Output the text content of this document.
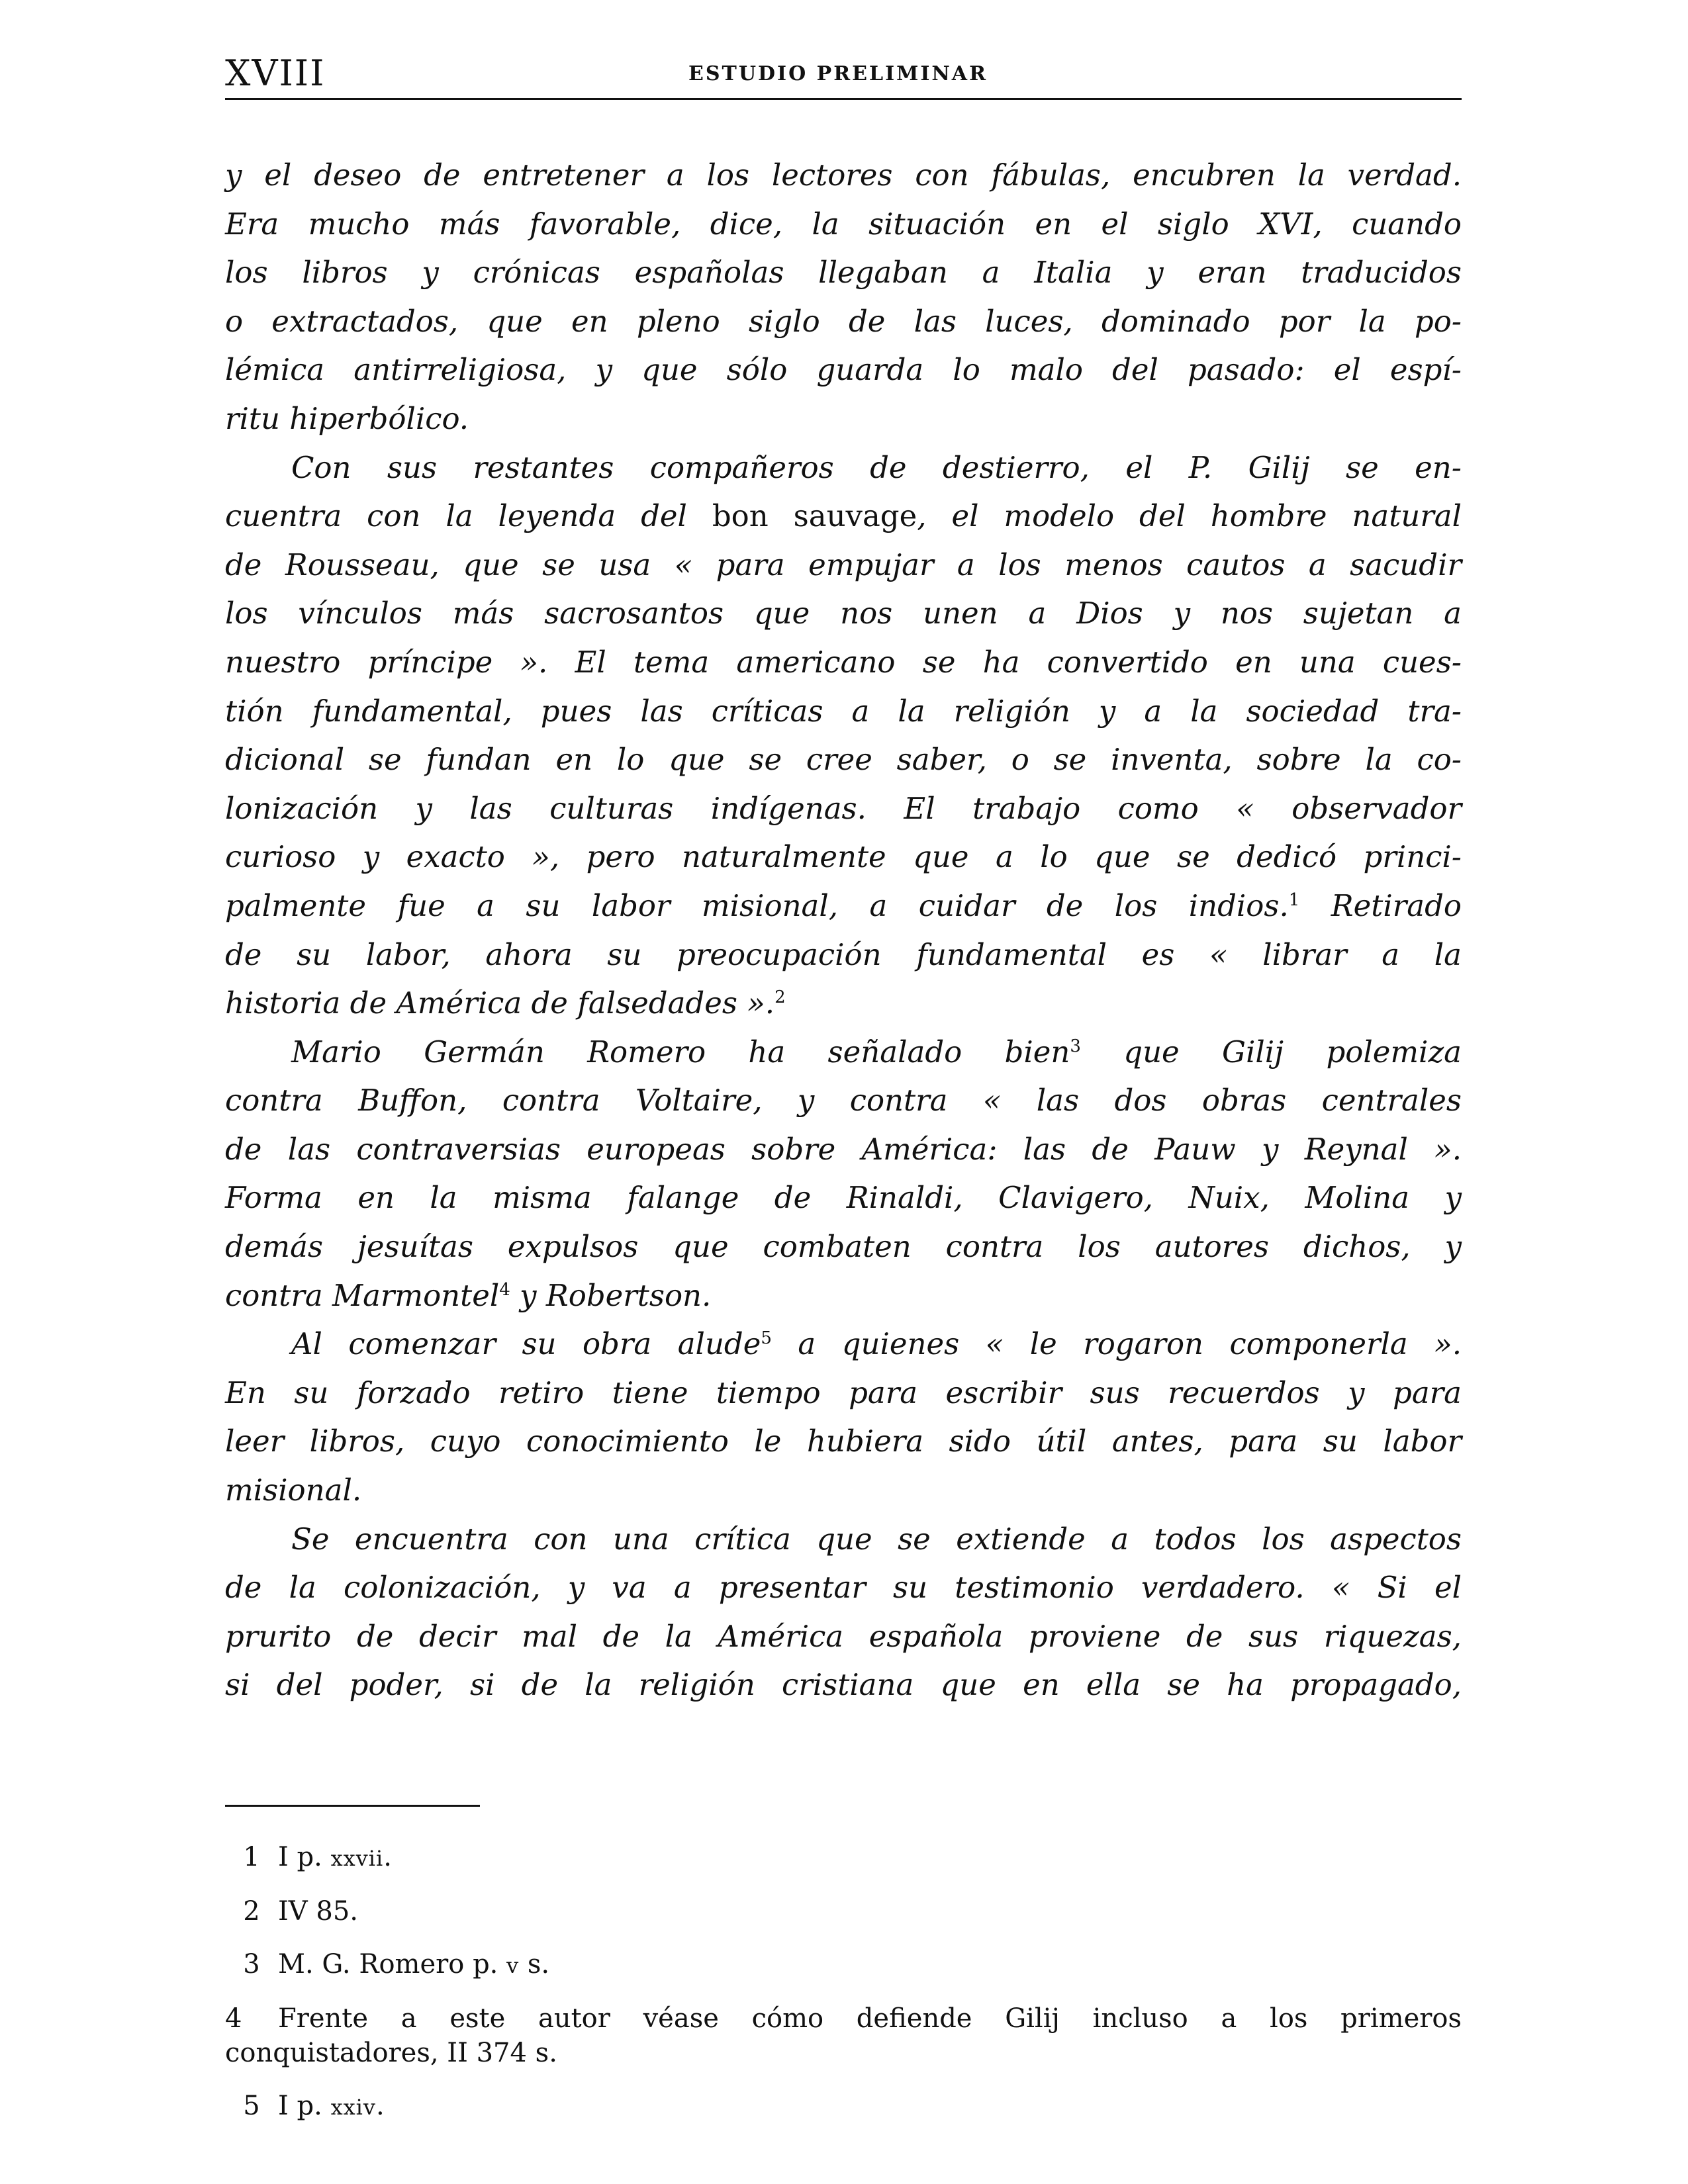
XVIII	ESTUDIO PRELIMINAR
y el deseo de entretener a los lectores con fábulas, encubren la verdad.
Era mucho más favorable, dice, la situación en el siglo XVI, cuando
los libros y crónicas españolas llegaban a Italia y eran traducidos
o extractados, que en pleno siglo de las luces, dominado por la po-
lémica antirreligiosa, y que sólo guarda lo malo del pasado: el espí-
ritu hiperbólico.
Con sus restantes compañeros de destierro, el P. Gilij se en-
cuentra con la leyenda del bon sauvage, el modelo del hombre natural
de Rousseau, que se usa « para empujar a los menos cautos a sacudir
los vínculos más sacrosantos que nos unen a Dios y nos sujetan a
nuestro príncipe ». El tema americano se ha convertido en una cues-
tión fundamental, pues las críticas a la religión y a la sociedad tra-
dicional se fundan en lo que se cree saber, o se inventa, sobre la co-
lonización y las culturas indígenas. El trabajo como « observador
curioso y exacto », pero naturalmente que a lo que se dedicó princi-
palmente fue a su labor misional, a cuidar de los indios.$^1$ Retirado
de su labor, ahora su preocupación fundamental es « librar a la
historia de América de falsedades ».$^2$
Mario Germán Romero ha señalado bien$^3$ que Gilij polemiza
contra Buffon, contra Voltaire, y contra « las dos obras centrales
de las contraversias europeas sobre América: las de Pauw y Reynal ».
Forma en la misma falange de Rinaldi, Clavigero, Nuix, Molina y
demás jesuítas expulsos que combaten contra los autores dichos, y
contra Marmontel$^4$ y Robertson.
Al comenzar su obra alude$^5$ a quienes « le rogaron componerla ».
En su forzado retiro tiene tiempo para escribir sus recuerdos y para
leer libros, cuyo conocimiento le hubiera sido útil antes, para su labor
misional.
Se encuentra con una crítica que se extiende a todos los aspectos
de la colonización, y va a presentar su testimonio verdadero. « Si el
prurito de decir mal de la América española proviene de sus riquezas,
si del poder, si de la religión cristiana que en ella se ha propagado,
1 I p. xxvii.
2 IV 85.
3 M. G. Romero p. v s.
4 Frente a este autor véase cómo defiende Gilij incluso a los primeros
conquistadores, II 374 s.
5 I p. xxiv.
